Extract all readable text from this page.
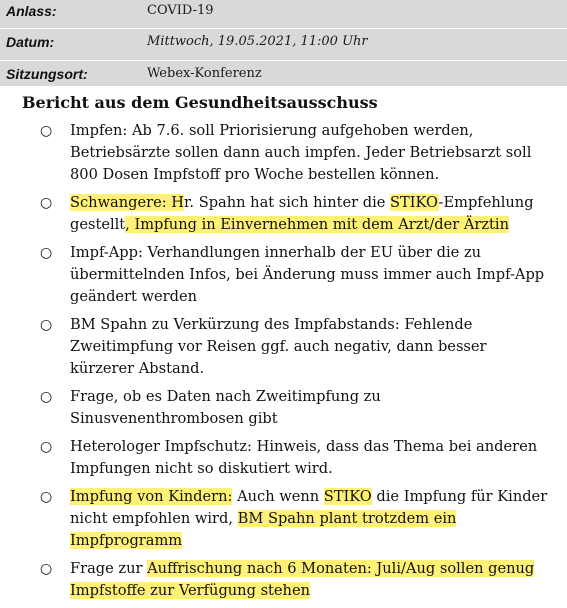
Anlass:	COVID-19
Datum:	Mittwoch, 19.05.2021, 11:00 Uhr
Sitzungsort:	Webex-Konferenz
Bericht aus dem Gesundheitsausschuss
○ Impfen: Ab 7.6. soll Priorisierung aufgehoben werden, Betriebsärzte sollen dann auch impfen. Jeder Betriebsarzt soll 800 Dosen Impfstoff pro Woche bestellen können.
○ Schwangere: Hr. Spahn hat sich hinter die STIKO-Empfehlung gestellt, Impfung in Einvernehmen mit dem Arzt/der Ärztin
○ Impf-App: Verhandlungen innerhalb der EU über die zu übermittelnden Infos, bei Änderung muss immer auch Impf-App geändert werden
○ BM Spahn zu Verkürzung des Impfabstands: Fehlende Zweitimpfung vor Reisen ggf. auch negativ, dann besser kürzerer Abstand.
○ Frage, ob es Daten nach Zweitimpfung zu Sinusvenenthrombosen gibt
○ Heterologer Impfschutz: Hinweis, dass das Thema bei anderen Impfungen nicht so diskutiert wird.
○ Impfung von Kindern: Auch wenn STIKO die Impfung für Kinder nicht empfohlen wird, BM Spahn plant trotzdem ein Impfprogramm
○ Frage zur Auffrischung nach 6 Monaten: Juli/Aug sollen genug Impfstoffe zur Verfügung stehen
